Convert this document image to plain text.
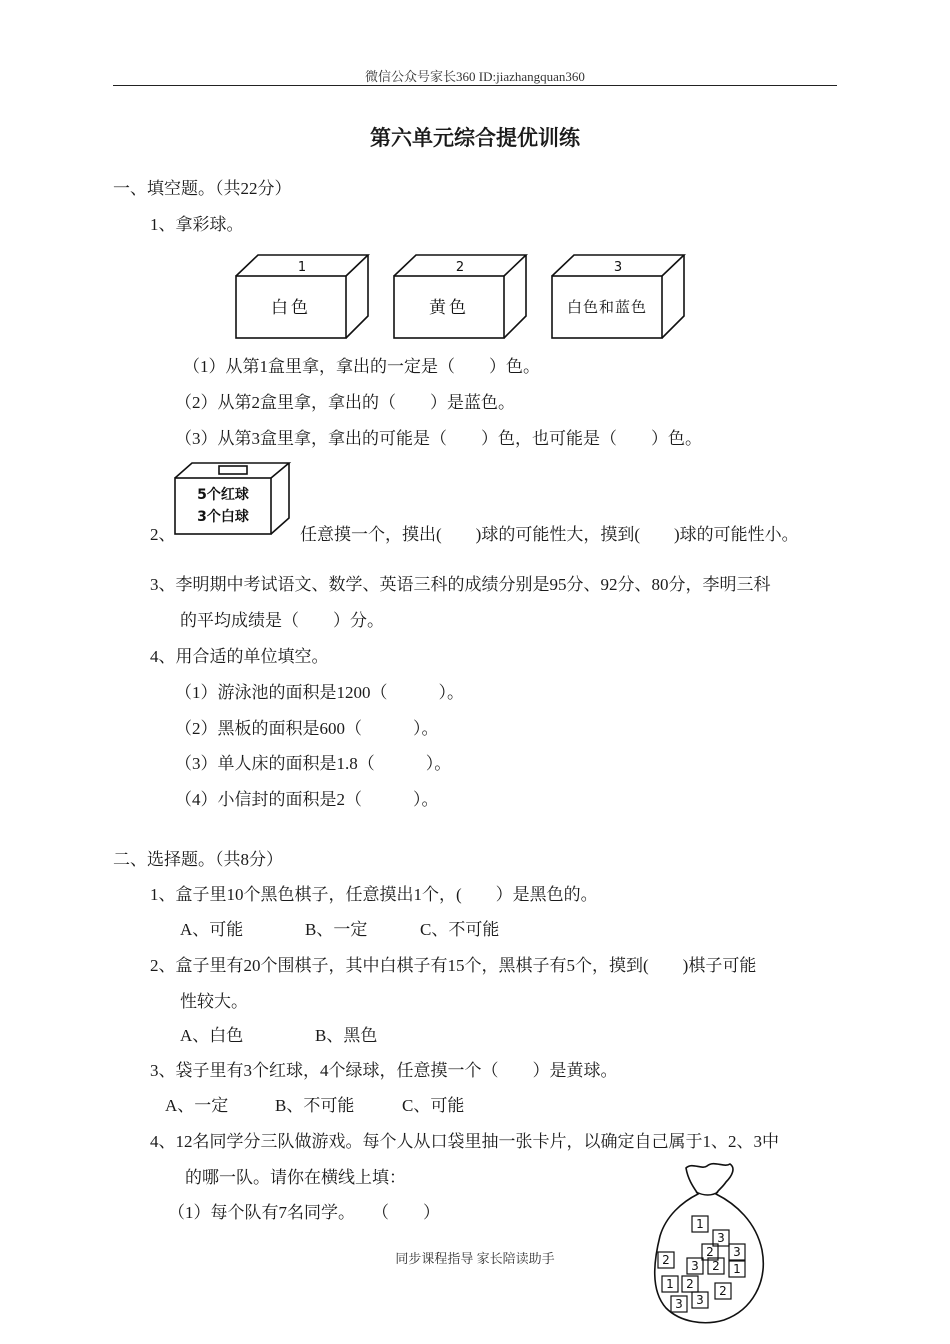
微信公众号家长360 ID:jiazhangquan360
第六单元综合提优训练
一、填空题。（共22分）
1、拿彩球。
1	2	3
白色	黄色	白色和蓝色
（1）从第1盒里拿，拿出的一定是（　　）色。
（2）从第2盒里拿，拿出的（　　）是蓝色。
（3）从第3盒里拿，拿出的可能是（　　）色，也可能是（　　）色。
2、
5个红球
3个白球
任意摸一个，摸出(　　)球的可能性大，摸到(　　)球的可能性小。
3、李明期中考试语文、数学、英语三科的成绩分别是95分、92分、80分，李明三科
的平均成绩是（　　）分。
4、用合适的单位填空。
（1）游泳池的面积是1200（　　　）。
（2）黑板的面积是600（　　　）。
（3）单人床的面积是1.8（　　　）。
（4）小信封的面积是2（　　　）。
二、选择题。（共8分）
1、盒子里10个黑色棋子，任意摸出1个，(　　）是黑色的。
A、可能	B、一定	C、不可能
2、盒子里有20个围棋子，其中白棋子有15个，黑棋子有5个，摸到(　　)棋子可能
性较大。
A、白色	B、黑色
3、袋子里有3个红球，4个绿球，任意摸一个（　　）是黄球。
A、一定	B、不可能	C、可能
4、12名同学分三队做游戏。每个人从口袋里抽一张卡片，以确定自己属于1、2、3中
的哪一队。请你在横线上填：
（1）每个队有7名同学。　　（　　）
1
3
2 3
2 3 2 1
2
1
3
2
3
同步课程指导 家长陪读助手
